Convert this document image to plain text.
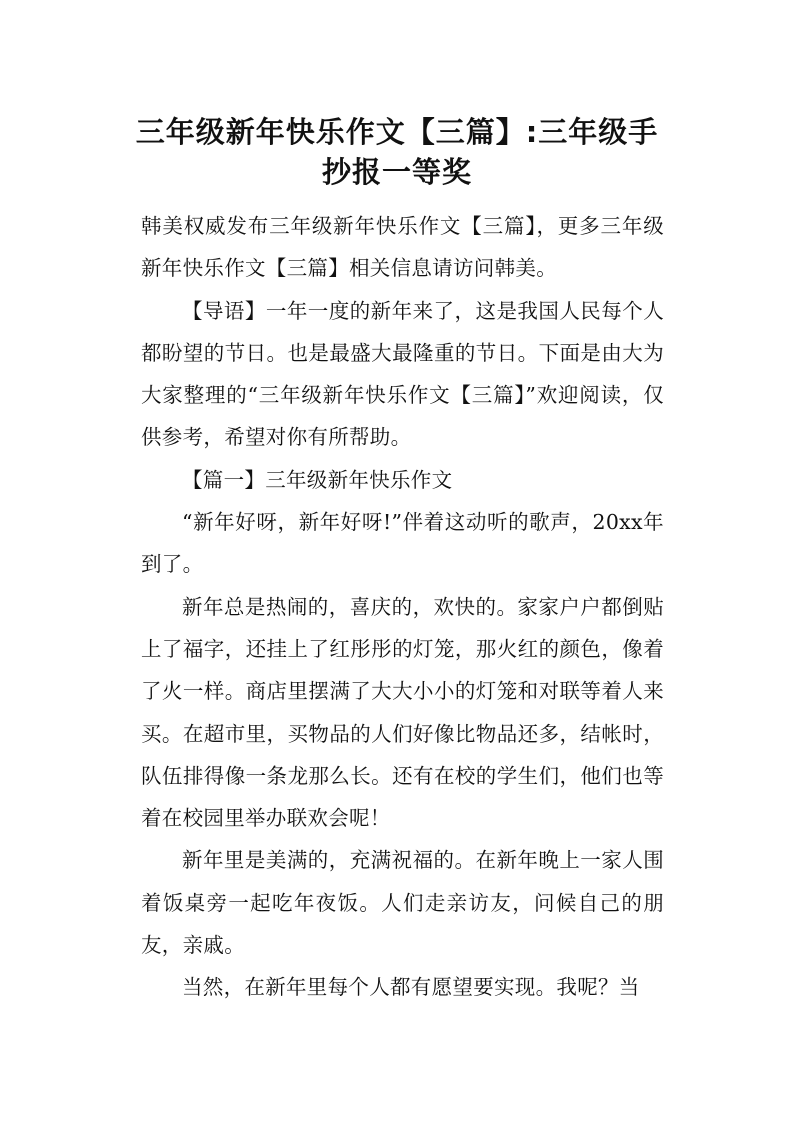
三年级新年快乐作文【三篇】:三年级手
抄报一等奖

韩美权威发布三年级新年快乐作文【三篇】，更多三年级新年快乐作文【三篇】相关信息请访问韩美。

【导语】一年一度的新年来了，这是我国人民每个人都盼望的节日。也是最盛大最隆重的节日。下面是由大为大家整理的“三年级新年快乐作文【三篇】”欢迎阅读，仅供参考，希望对你有所帮助。

【篇一】三年级新年快乐作文

“新年好呀，新年好呀!”伴着这动听的歌声，20xx年到了。

新年总是热闹的，喜庆的，欢快的。家家户户都倒贴上了福字，还挂上了红彤彤的灯笼，那火红的颜色，像着了火一样。商店里摆满了大大小小的灯笼和对联等着人来买。在超市里，买物品的人们好像比物品还多，结帐时，队伍排得像一条龙那么长。还有在校的学生们，他们也等着在校园里举办联欢会呢！

新年里是美满的，充满祝福的。在新年晚上一家人围着饭桌旁一起吃年夜饭。人们走亲访友，问候自己的朋友，亲戚。

当然，在新年里每个人都有愿望要实现。我呢？当
